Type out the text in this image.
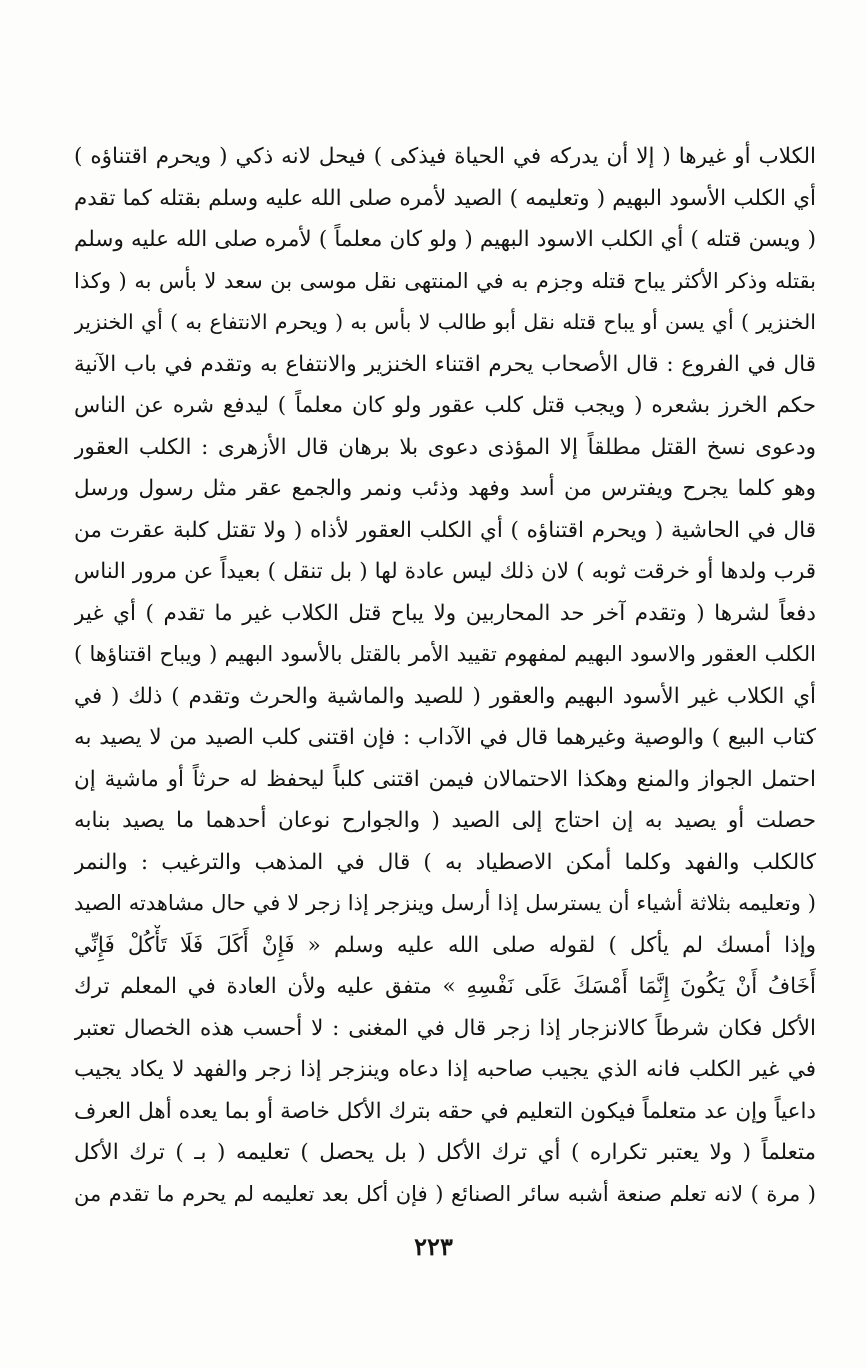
الكلاب أو غيرها ( إلا أن يدركه في الحياة فيذكى ) فيحل لانه ذكي ( ويحرم اقتناؤه )
أي الكلب الأسود البهيم ( وتعليمه ) الصيد لأمره صلى الله عليه وسلم بقتله كما تقدم
( ويسن قتله ) أي الكلب الاسود البهيم ( ولو كان معلماً ) لأمره صلى الله عليه وسلم
بقتله وذكر الأكثر يباح قتله وجزم به في المنتهى نقل موسى بن سعد لا بأس به ( وكذا
الخنزير ) أي يسن أو يباح قتله نقل أبو طالب لا بأس به ( ويحرم الانتفاع به ) أي الخنزير
قال في الفروع : قال الأصحاب يحرم اقتناء الخنزير والانتفاع به وتقدم في باب الآنية
حكم الخرز بشعره ( ويجب قتل كلب عقور ولو كان معلماً ) ليدفع شره عن الناس
ودعوى نسخ القتل مطلقاً إلا المؤذى دعوى بلا برهان قال الأزهرى : الكلب العقور
وهو كلما يجرح ويفترس من أسد وفهد وذئب ونمر والجمع عقر مثل رسول ورسل
قال في الحاشية ( ويحرم اقتناؤه ) أي الكلب العقور لأذاه ( ولا تقتل كلبة عقرت من
قرب ولدها أو خرقت ثوبه ) لان ذلك ليس عادة لها ( بل تنقل ) بعيداً عن مرور الناس
دفعاً لشرها ( وتقدم آخر حد المحاربين ولا يباح قتل الكلاب غير ما تقدم ) أي غير
الكلب العقور والاسود البهيم لمفهوم تقييد الأمر بالقتل بالأسود البهيم ( ويباح اقتناؤها )
أي الكلاب غير الأسود البهيم والعقور ( للصيد والماشية والحرث وتقدم ) ذلك ( في
كتاب البيع ) والوصية وغيرهما قال في الآداب : فإن اقتنى كلب الصيد من لا يصيد به
احتمل الجواز والمنع وهكذا الاحتمالان فيمن اقتنى كلباً ليحفظ له حرثاً أو ماشية إن
حصلت أو يصيد به إن احتاج إلى الصيد ( والجوارح نوعان أحدهما ما يصيد بنابه
كالكلب والفهد وكلما أمكن الاصطياد به ) قال في المذهب والترغيب : والنمر
( وتعليمه بثلاثة أشياء أن يسترسل إذا أرسل وينزجر إذا زجر لا في حال مشاهدته الصيد
وإذا أمسك لم يأكل ) لقوله صلى الله عليه وسلم « فَإِنْ أَكَلَ فَلَا تَأْكُلْ فَإِنِّي
أَخَافُ أَنْ يَكُونَ إِنَّمَا أَمْسَكَ عَلَى نَفْسِهِ » متفق عليه ولأن العادة في المعلم ترك
الأكل فكان شرطاً كالانزجار إذا زجر قال في المغنى : لا أحسب هذه الخصال تعتبر
في غير الكلب فانه الذي يجيب صاحبه إذا دعاه وينزجر إذا زجر والفهد لا يكاد يجيب
داعياً وإن عد متعلماً فيكون التعليم في حقه بترك الأكل خاصة أو بما يعده أهل العرف
متعلماً ( ولا يعتبر تكراره ) أي ترك الأكل ( بل يحصل ) تعليمه ( بـ ) ترك الأكل
( مرة ) لانه تعلم صنعة أشبه سائر الصنائع ( فإن أكل بعد تعليمه لم يحرم ما تقدم من
٢٢٣
